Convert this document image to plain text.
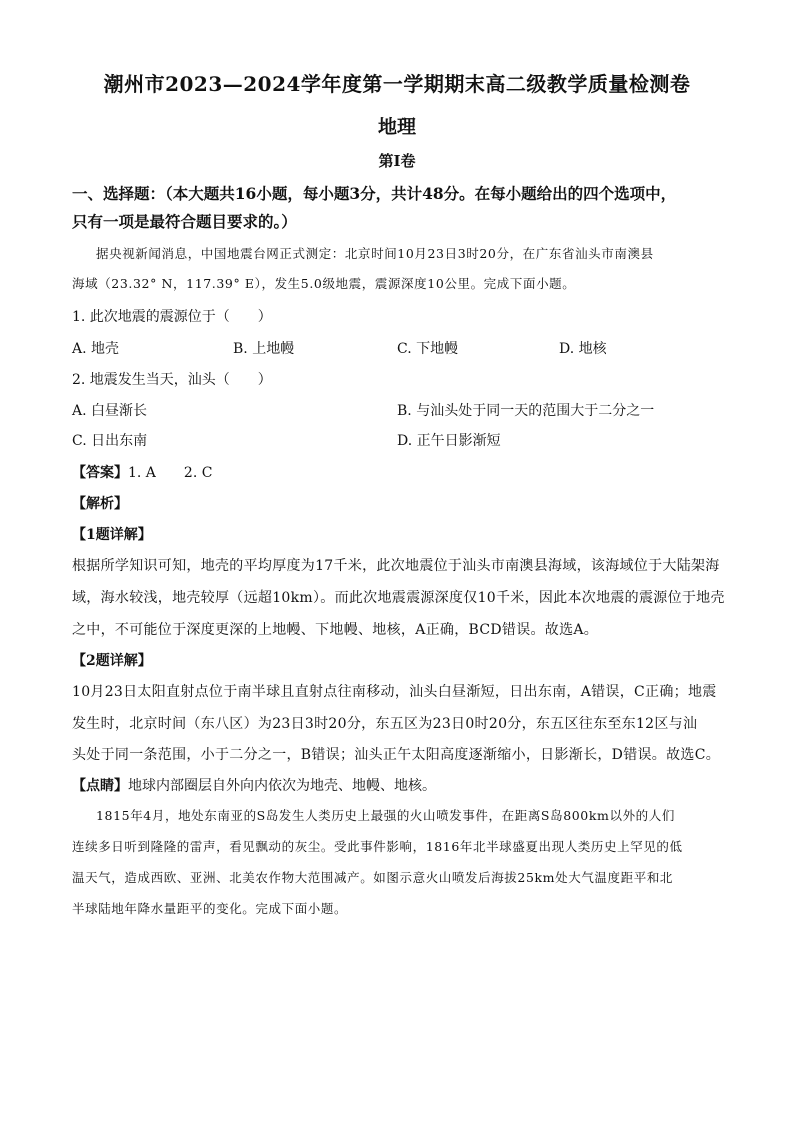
潮州市2023—2024学年度第一学期期末高二级教学质量检测卷
地理
第Ⅰ卷
一、选择题：（本大题共16小题，每小题3分，共计48分。在每小题给出的四个选项中，
只有一项是最符合题目要求的。）
据央视新闻消息，中国地震台网正式测定：北京时间10月23日3时20分，在广东省汕头市南澳县
海域（23.32° N，117.39° E），发生5.0级地震，震源深度10公里。完成下面小题。
1. 此次地震的震源位于（　　）
A. 地壳	B. 上地幔	C. 下地幔	D. 地核
2. 地震发生当天，汕头（　　）
A. 白昼渐长	B. 与汕头处于同一天的范围大于二分之一
C. 日出东南	D. 正午日影渐短
【答案】1. A　　2. C
【解析】
【1题详解】
根据所学知识可知，地壳的平均厚度为17千米，此次地震位于汕头市南澳县海域，该海域位于大陆架海
域，海水较浅，地壳较厚（远超10km）。而此次地震震源深度仅10千米，因此本次地震的震源位于地壳
之中，不可能位于深度更深的上地幔、下地幔、地核，A正确，BCD错误。故选A。
【2题详解】
10月23日太阳直射点位于南半球且直射点往南移动，汕头白昼渐短，日出东南，A错误，C正确；地震
发生时，北京时间（东八区）为23日3时20分，东五区为23日0时20分，东五区往东至东12区与汕
头处于同一条范围，小于二分之一，B错误；汕头正午太阳高度逐渐缩小，日影渐长，D错误。故选C。
【点睛】地球内部圈层自外向内依次为地壳、地幔、地核。
1815年4月，地处东南亚的S岛发生人类历史上最强的火山喷发事件，在距离S岛800km以外的人们
连续多日听到隆隆的雷声，看见飘动的灰尘。受此事件影响，1816年北半球盛夏出现人类历史上罕见的低
温天气，造成西欧、亚洲、北美农作物大范围减产。如图示意火山喷发后海拔25km处大气温度距平和北
半球陆地年降水量距平的变化。完成下面小题。
